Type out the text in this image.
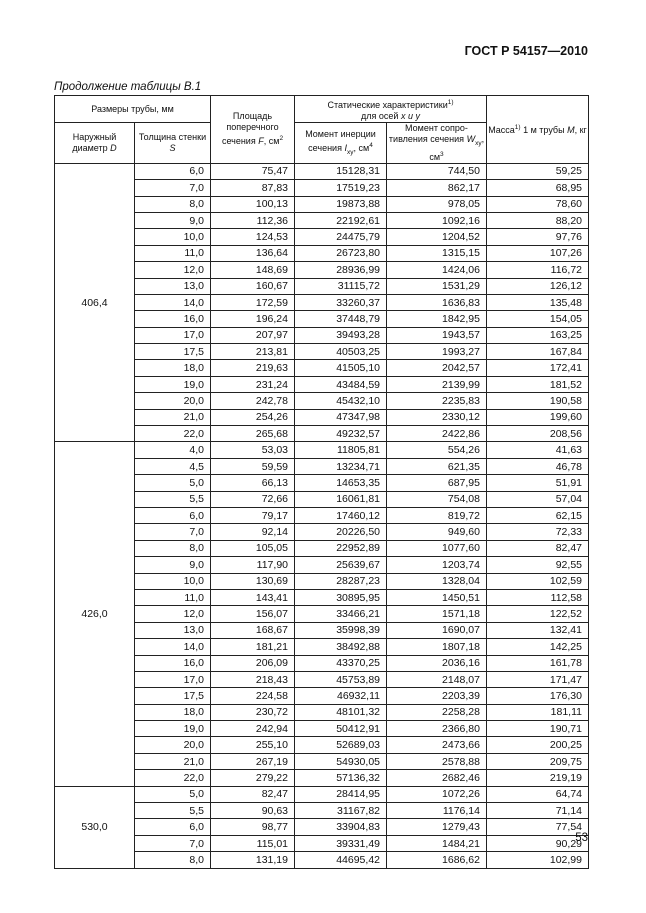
ГОСТ Р 54157—2010
Продолжение таблицы В.1
Размеры трубы, мм		Площадь поперечного сечения F, $см^2$	Статические характеристики$^{1)}$
для осей x и y		Масса$^{1)}$ 1 м трубы M, кг
Наружный диаметр D	Толщина стенки S		Момент инерции сечения $I_{xy}$, $см^4$	Момент сопро-тивления сечения $W_{xy}$, $см^3$
406,4	6,0	75,47	15128,31	744,50	59,25
	7,0	87,83	17519,23	862,17	68,95
	8,0	100,13	19873,88	978,05	78,60
	9,0	112,36	22192,61	1092,16	88,20
	10,0	124,53	24475,79	1204,52	97,76
	11,0	136,64	26723,80	1315,15	107,26
	12,0	148,69	28936,99	1424,06	116,72
	13,0	160,67	31115,72	1531,29	126,12
	14,0	172,59	33260,37	1636,83	135,48
	16,0	196,24	37448,79	1842,95	154,05
	17,0	207,97	39493,28	1943,57	163,25
	17,5	213,81	40503,25	1993,27	167,84
	18,0	219,63	41505,10	2042,57	172,41
	19,0	231,24	43484,59	2139,99	181,52
	20,0	242,78	45432,10	2235,83	190,58
	21,0	254,26	47347,98	2330,12	199,60
	22,0	265,68	49232,57	2422,86	208,56
426,0	4,0	53,03	11805,81	554,26	41,63
	4,5	59,59	13234,71	621,35	46,78
	5,0	66,13	14653,35	687,95	51,91
	5,5	72,66	16061,81	754,08	57,04
	6,0	79,17	17460,12	819,72	62,15
	7,0	92,14	20226,50	949,60	72,33
	8,0	105,05	22952,89	1077,60	82,47
	9,0	117,90	25639,67	1203,74	92,55
	10,0	130,69	28287,23	1328,04	102,59
	11,0	143,41	30895,95	1450,51	112,58
	12,0	156,07	33466,21	1571,18	122,52
	13,0	168,67	35998,39	1690,07	132,41
	14,0	181,21	38492,88	1807,18	142,25
	16,0	206,09	43370,25	2036,16	161,78
	17,0	218,43	45753,89	2148,07	171,47
	17,5	224,58	46932,11	2203,39	176,30
	18,0	230,72	48101,32	2258,28	181,11
	19,0	242,94	50412,91	2366,80	190,71
	20,0	255,10	52689,03	2473,66	200,25
	21,0	267,19	54930,05	2578,88	209,75
	22,0	279,22	57136,32	2682,46	219,19
530,0	5,0	82,47	28414,95	1072,26	64,74
	5,5	90,63	31167,82	1176,14	71,14
	6,0	98,77	33904,83	1279,43	77,54
	7,0	115,01	39331,49	1484,21	90,29
	8,0	131,19	44695,42	1686,62	102,99
53
